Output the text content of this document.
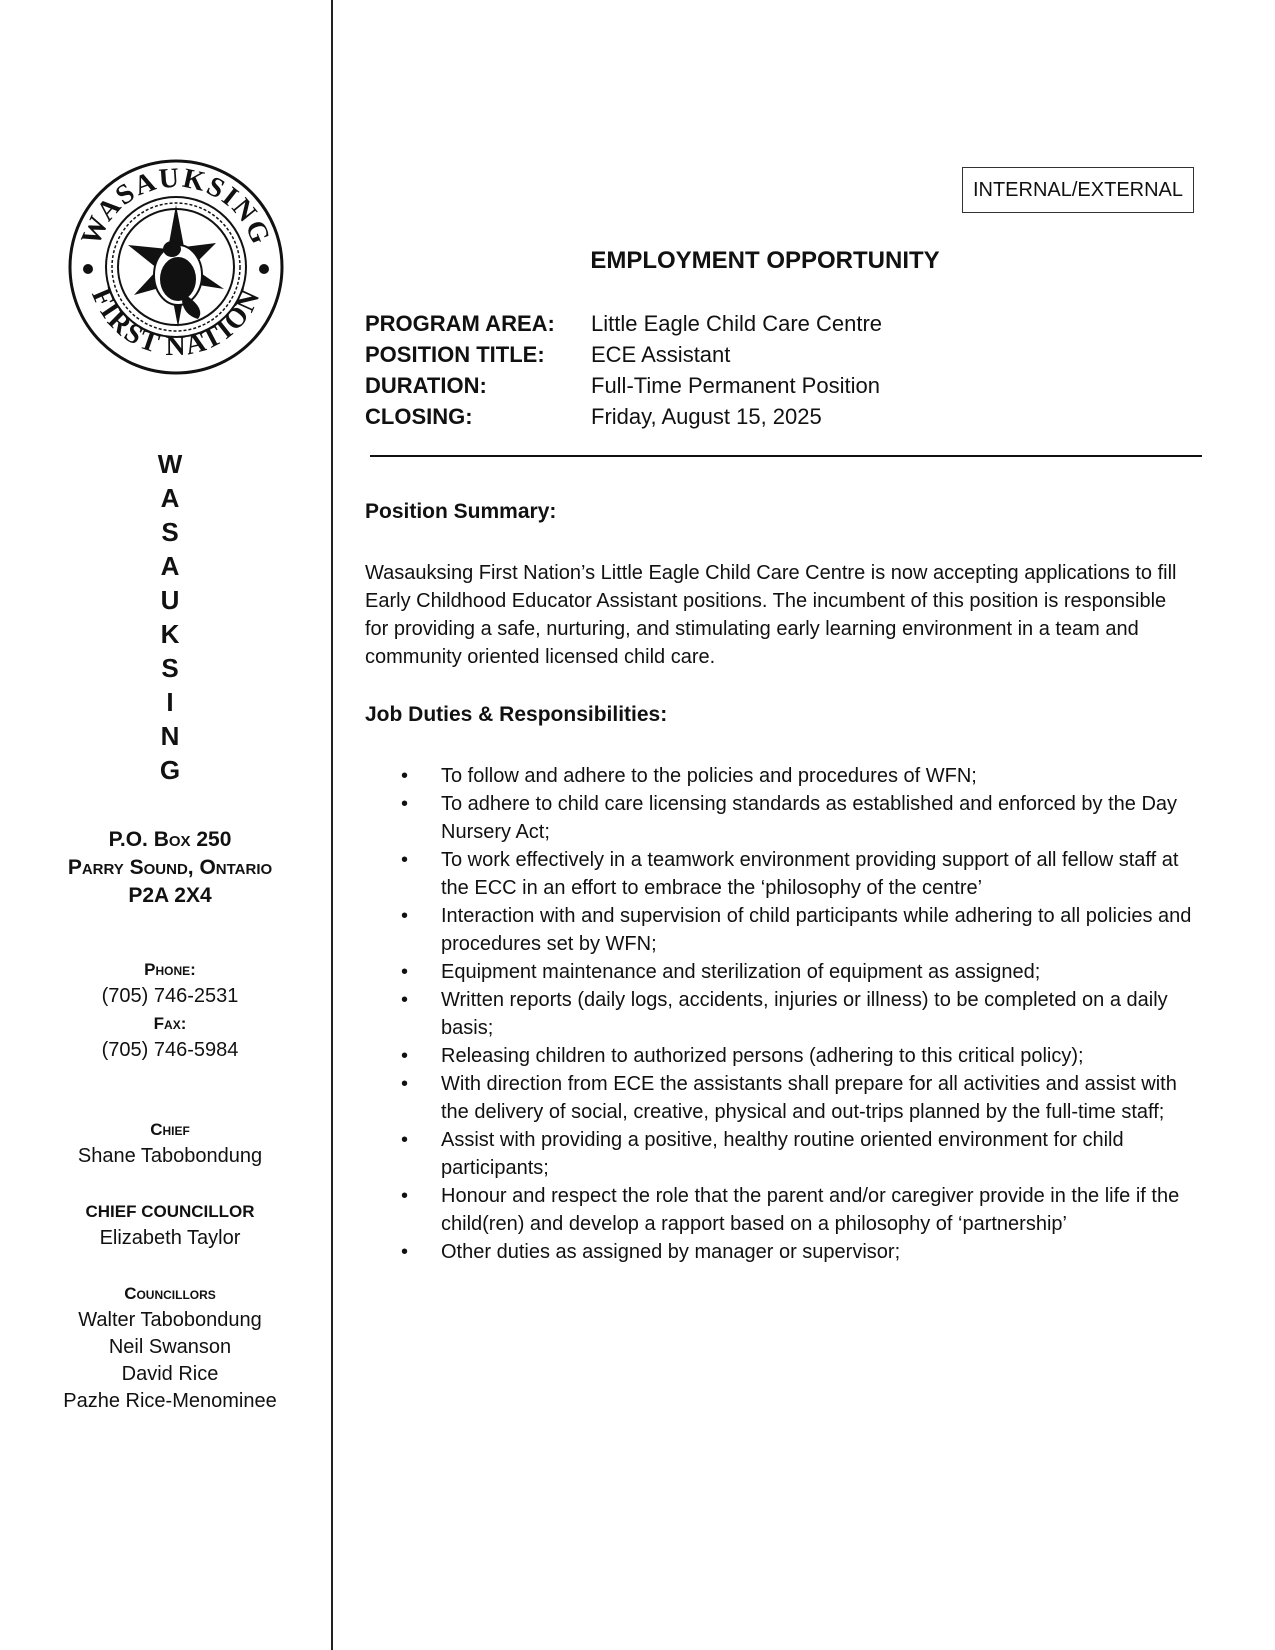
WASAUKSING
FIRST NATION
W
A
S
A
U
K
S
I
N
G
P.O. Box 250
Parry Sound, Ontario
P2A 2X4
Phone:
(705) 746-2531
Fax:
(705) 746-5984
Chief
Shane Tabobondung
CHIEF COUNCILLOR
Elizabeth Taylor
Councillors
Walter Tabobondung
Neil Swanson
David Rice
Pazhe Rice-Menominee
INTERNAL/EXTERNAL
EMPLOYMENT OPPORTUNITY
PROGRAM AREA:	Little Eagle Child Care Centre
POSITION TITLE:	ECE Assistant
DURATION:	Full-Time Permanent Position
CLOSING:	Friday, August 15, 2025
Position Summary:
Wasauksing First Nation’s Little Eagle Child Care Centre is now accepting applications to fill Early Childhood Educator Assistant positions. The incumbent of this position is responsible for providing a safe, nurturing, and stimulating early learning environment in a team and community oriented licensed child care.
Job Duties & Responsibilities:
• To follow and adhere to the policies and procedures of WFN;
• To adhere to child care licensing standards as established and enforced by the Day Nursery Act;
• To work effectively in a teamwork environment providing support of all fellow staff at the ECC in an effort to embrace the ‘philosophy of the centre’
• Interaction with and supervision of child participants while adhering to all policies and procedures set by WFN;
• Equipment maintenance and sterilization of equipment as assigned;
• Written reports (daily logs, accidents, injuries or illness) to be completed on a daily basis;
• Releasing children to authorized persons (adhering to this critical policy);
• With direction from ECE the assistants shall prepare for all activities and assist with the delivery of social, creative, physical and out-trips planned by the full-time staff;
• Assist with providing a positive, healthy routine oriented environment for child participants;
• Honour and respect the role that the parent and/or caregiver provide in the life if the child(ren) and develop a rapport based on a philosophy of ‘partnership’
• Other duties as assigned by manager or supervisor;
